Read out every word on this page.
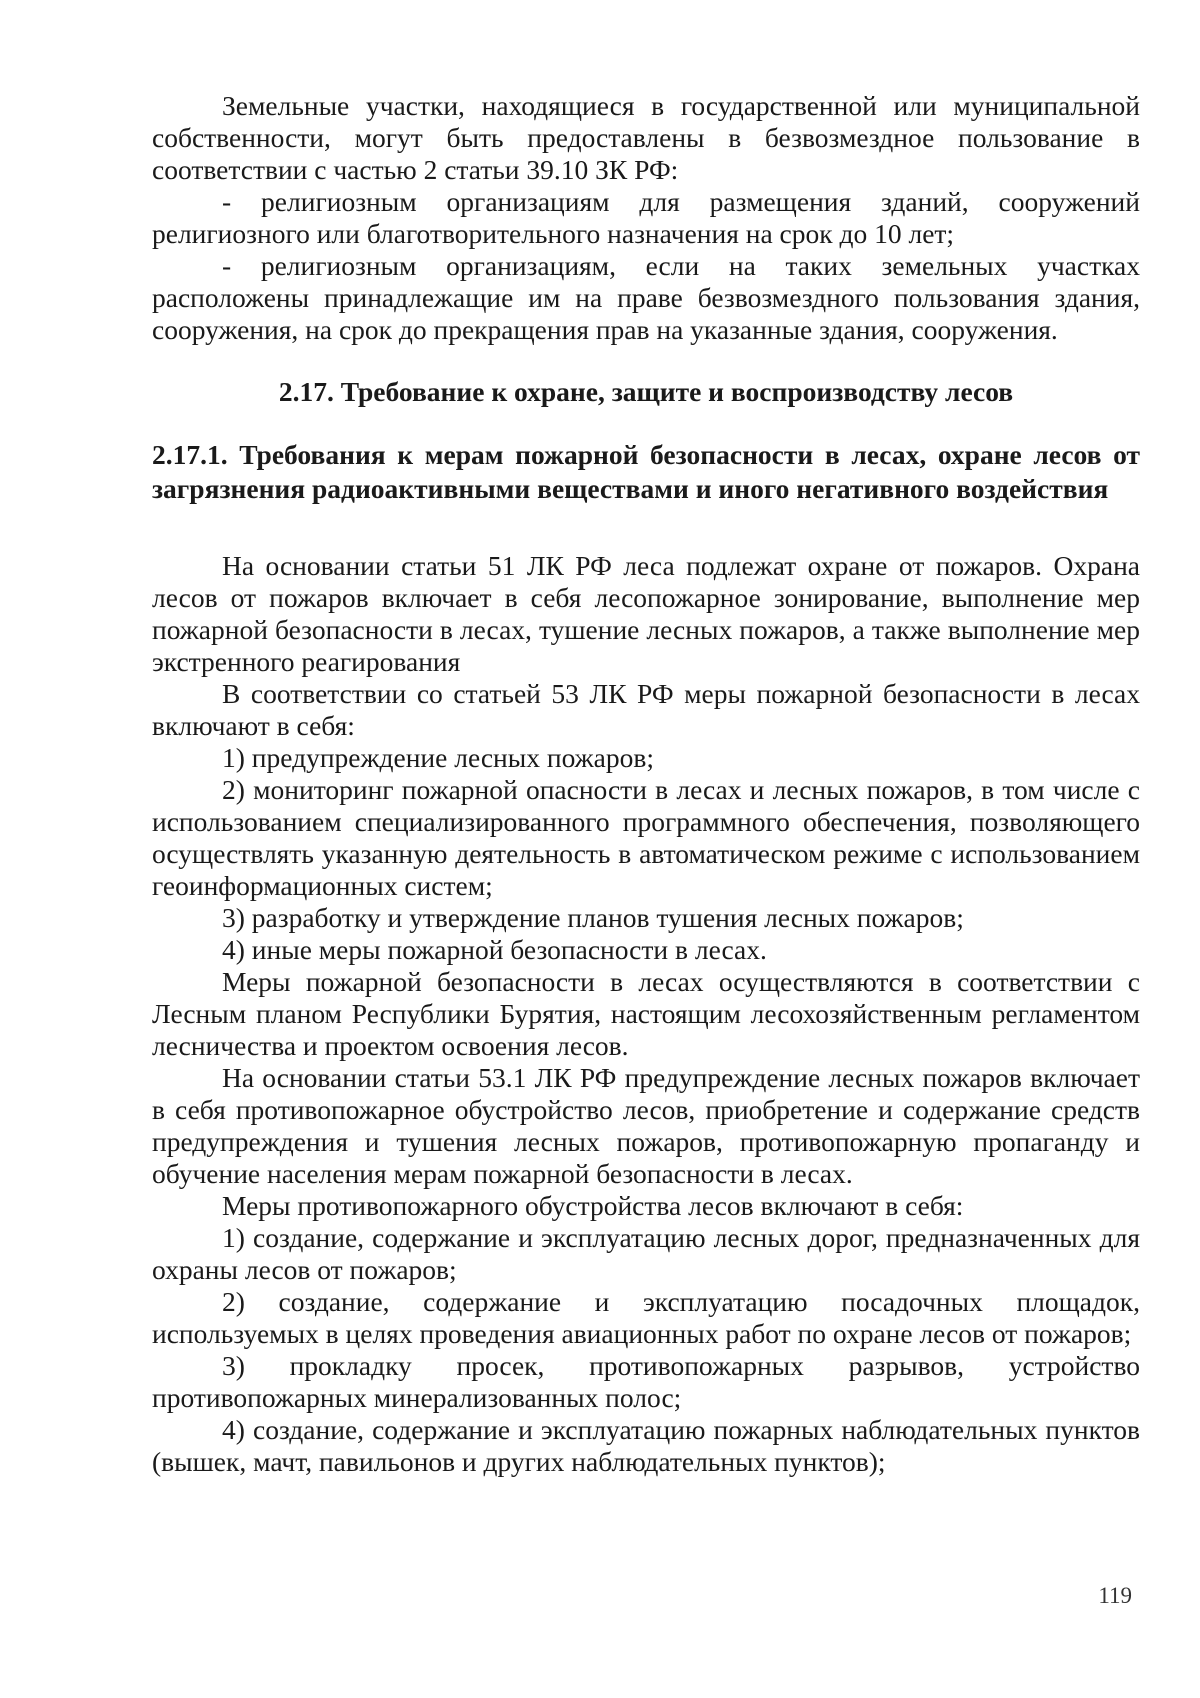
Земельные участки, находящиеся в государственной или муниципальной собственности, могут быть предоставлены в безвозмездное пользование в соответствии с частью 2 статьи 39.10 ЗК РФ:

- религиозным организациям для размещения зданий, сооружений религиозного или благотворительного назначения на срок до 10 лет;

- религиозным организациям, если на таких земельных участках расположены принадлежащие им на праве безвозмездного пользования здания, сооружения, на срок до прекращения прав на указанные здания, сооружения.

2.17. Требование к охране, защите и воспроизводству лесов

2.17.1. Требования к мерам пожарной безопасности в лесах, охране лесов от загрязнения радиоактивными веществами и иного негативного воздействия

На основании статьи 51 ЛК РФ леса подлежат охране от пожаров. Охрана лесов от пожаров включает в себя лесопожарное зонирование, выполнение мер пожарной безопасности в лесах, тушение лесных пожаров, а также выполнение мер экстренного реагирования

В соответствии со статьей 53 ЛК РФ меры пожарной безопасности в лесах включают в себя:

1) предупреждение лесных пожаров;

2) мониторинг пожарной опасности в лесах и лесных пожаров, в том числе с использованием специализированного программного обеспечения, позволяющего осуществлять указанную деятельность в автоматическом режиме с использованием геоинформационных систем;

3) разработку и утверждение планов тушения лесных пожаров;

4) иные меры пожарной безопасности в лесах.

Меры пожарной безопасности в лесах осуществляются в соответствии с Лесным планом Республики Бурятия, настоящим лесохозяйственным регламентом лесничества и проектом освоения лесов.

На основании статьи 53.1 ЛК РФ предупреждение лесных пожаров включает в себя противопожарное обустройство лесов, приобретение и содержание средств предупреждения и тушения лесных пожаров, противопожарную пропаганду и обучение населения мерам пожарной безопасности в лесах.

Меры противопожарного обустройства лесов включают в себя:

1) создание, содержание и эксплуатацию лесных дорог, предназначенных для охраны лесов от пожаров;

2) создание, содержание и эксплуатацию посадочных площадок, используемых в целях проведения авиационных работ по охране лесов от пожаров;

3) прокладку просек, противопожарных разрывов, устройство противопожарных минерализованных полос;

4) создание, содержание и эксплуатацию пожарных наблюдательных пунктов (вышек, мачт, павильонов и других наблюдательных пунктов);

119
